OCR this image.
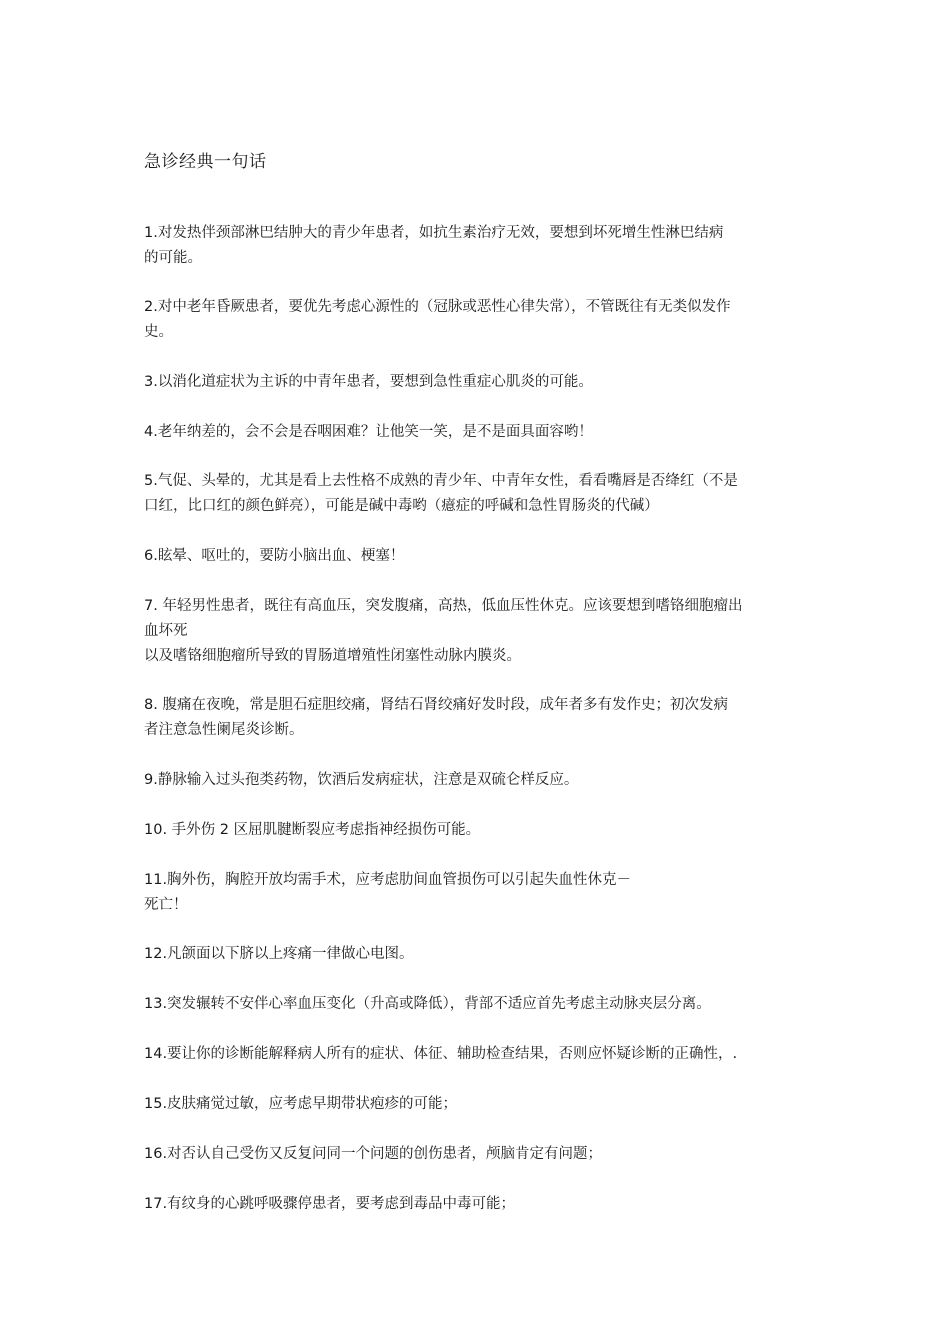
急诊经典一句话
1.对发热伴颈部淋巴结肿大的青少年患者，如抗生素治疗无效，要想到坏死增生性淋巴结病
的可能。
2.对中老年昏厥患者，要优先考虑心源性的（冠脉或恶性心律失常），不管既往有无类似发作
史。
3.以消化道症状为主诉的中青年患者，要想到急性重症心肌炎的可能。
4.老年纳差的，会不会是吞咽困难？让他笑一笑，是不是面具面容哟！
5.气促、头晕的，尤其是看上去性格不成熟的青少年、中青年女性，看看嘴唇是否绛红（不是
口红，比口红的颜色鲜亮），可能是碱中毒哟（癔症的呼碱和急性胃肠炎的代碱）
6.眩晕、呕吐的，要防小脑出血、梗塞！
7. 年轻男性患者，既往有高血压，突发腹痛，高热，低血压性休克。应该要想到嗜铬细胞瘤出
血坏死
以及嗜铬细胞瘤所导致的胃肠道增殖性闭塞性动脉内膜炎。
8. 腹痛在夜晚，常是胆石症胆绞痛，肾结石肾绞痛好发时段，成年者多有发作史；初次发病
者注意急性阑尾炎诊断。
9.静脉输入过头孢类药物，饮酒后发病症状，注意是双硫仑样反应。
10. 手外伤 2 区屈肌腱断裂应考虑指神经损伤可能。
11.胸外伤，胸腔开放均需手术，应考虑肋间血管损伤可以引起失血性休克－
死亡！
12.凡颌面以下脐以上疼痛一律做心电图。
13.突发辗转不安伴心率血压变化（升高或降低），背部不适应首先考虑主动脉夹层分离。
14.要让你的诊断能解释病人所有的症状、体征、辅助检查结果，否则应怀疑诊断的正确性，.
15.皮肤痛觉过敏，应考虑早期带状疱疹的可能；
16.对否认自己受伤又反复问同一个问题的创伤患者，颅脑肯定有问题；
17.有纹身的心跳呼吸骤停患者，要考虑到毒品中毒可能；
